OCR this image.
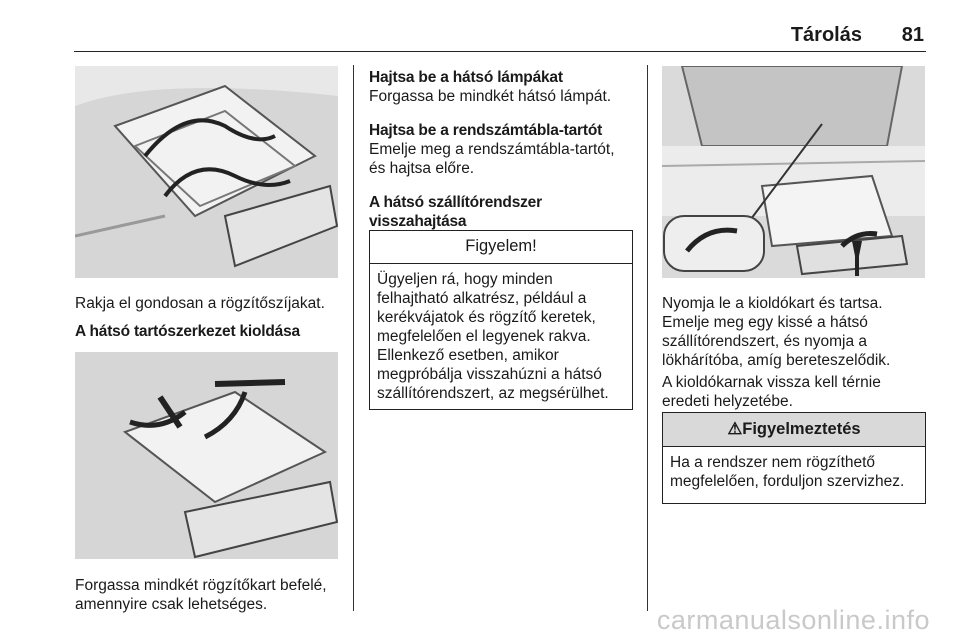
Tárolás 81

Rakja el gondosan a rögzítőszíjakat.

A hátsó tartószerkezet kioldása

Forgassa mindkét rögzítőkart befelé, amennyire csak lehetséges.

Hajtsa be a hátsó lámpákat

Forgassa be mindkét hátsó lámpát.

Hajtsa be a rendszámtábla-tartót

Emelje meg a rendszámtábla-tartót, és hajtsa előre.

A hátsó szállítórendszer visszahajtása
Figyelem!
Ügyeljen rá, hogy minden felhajtható alkatrész, például a kerékvájatok és rögzítő keretek, megfelelően el legyenek rakva. Ellenkező esetben, amikor megpróbálja visszahúzni a hátsó szállítórendszert, az megsérülhet.

Nyomja le a kioldókart és tartsa. Emelje meg egy kissé a hátsó szállítórendszert, és nyomja a lökhárítóba, amíg bereteszelődik.

A kioldókarnak vissza kell térnie eredeti helyzetébe.

⚠Figyelmeztetés
Ha a rendszer nem rögzíthető megfelelően, forduljon szervizhez.
carmanualsonline.info
